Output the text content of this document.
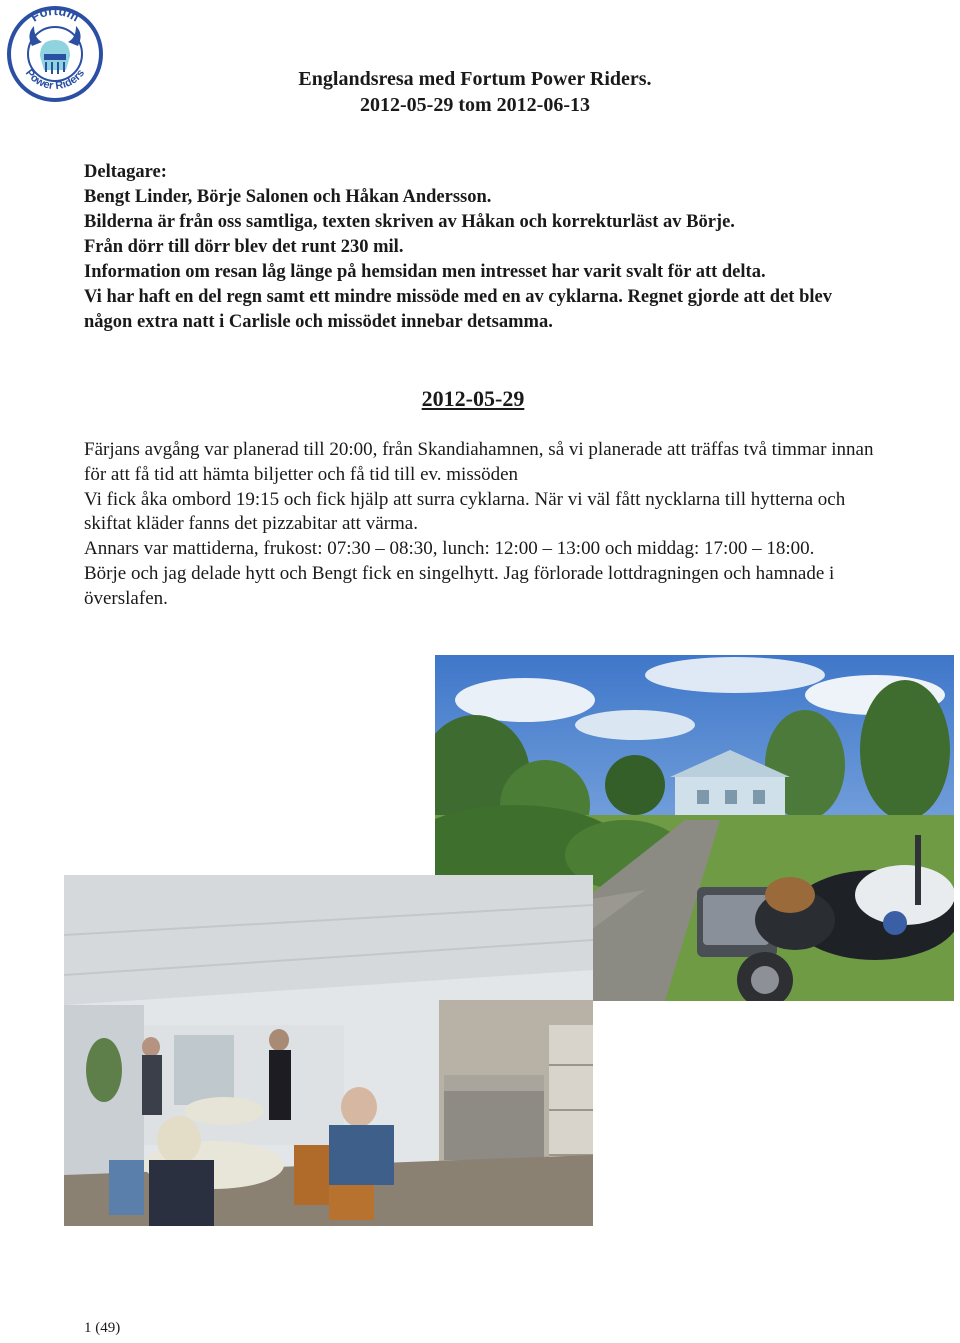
Fortum
Power Riders	Englandsresa med Fortum Power Riders.
2012-05-29 tom 2012-06-13

Deltagare:

Bengt Linder, Börje Salonen och Håkan Andersson.

Bilderna är från oss samtliga, texten skriven av Håkan och korrekturläst av Börje.

Från dörr till dörr blev det runt 230 mil.

Information om resan låg länge på hemsidan men intresset har varit svalt för att delta.

Vi har haft en del regn samt ett mindre missöde med en av cyklarna. Regnet gjorde att det blev någon extra natt i Carlisle och missödet innebar detsamma.

2012-05-29

Färjans avgång var planerad till 20:00, från Skandiahamnen, så vi planerade att träffas två timmar innan för att få tid att hämta biljetter och få tid till ev. missöden

Vi fick åka ombord 19:15 och fick hjälp att surra cyklarna. När vi väl fått nycklarna till hytterna och skiftat kläder fanns det pizzabitar att värma.

Annars var mattiderna, frukost: 07:30 – 08:30, lunch: 12:00 – 13:00 och middag: 17:00 – 18:00.

Börje och jag delade hytt och Bengt fick en singelhytt. Jag förlorade lottdragningen och hamnade i överslafen.

1 (49)
